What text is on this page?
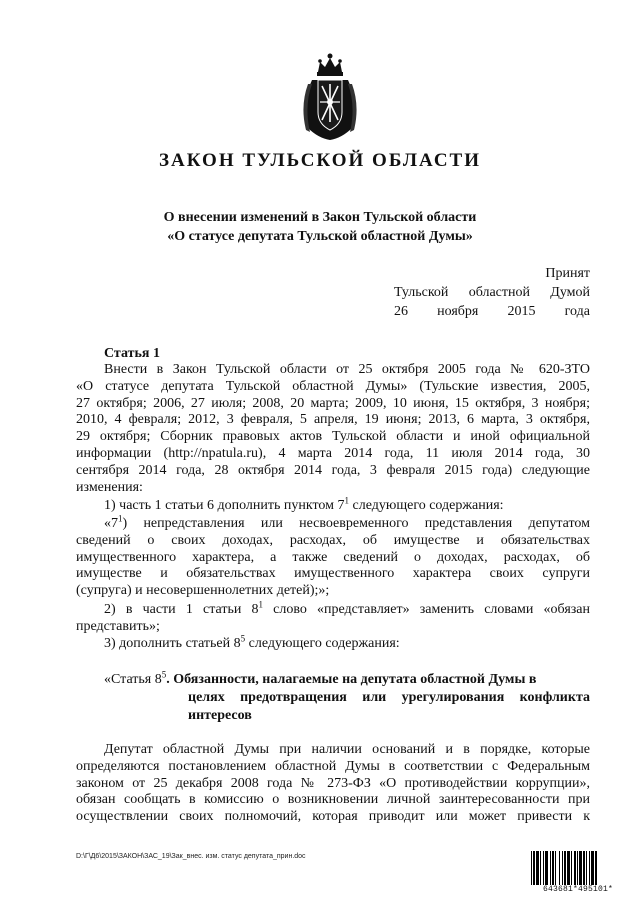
ЗАКОН ТУЛЬСКОЙ ОБЛАСТИ
О внесении изменений в Закон Тульской области
«О статусе депутата Тульской областной Думы»
Принят
Тульской областной Думой
26 ноября 2015 года
Статья 1
Внести в Закон Тульской области от 25 октября 2005 года № 620-ЗТО
«О статусе депутата Тульской областной Думы» (Тульские известия, 2005,
27 октября; 2006, 27 июля; 2008, 20 марта; 2009, 10 июня, 15 октября, 3 ноября;
2010, 4 февраля; 2012, 3 февраля, 5 апреля, 19 июня; 2013, 6 марта, 3 октября,
29 октября; Сборник правовых актов Тульской области и иной официальной
информации (http://npatula.ru), 4 марта 2014 года, 11 июля 2014 года, 30
сентября 2014 года, 28 октября 2014 года, 3 февраля 2015 года) следующие
изменения:
1) часть 1 статьи 6 дополнить пунктом $7^1$ следующего содержания:
«$7^1$) непредставления или несвоевременного представления депутатом
сведений о своих доходах, расходах, об имуществе и обязательствах
имущественного характера, а также сведений о доходах, расходах, об
имуществе и обязательствах имущественного характера своих супруги
(супруга) и несовершеннолетних детей);»;
2) в части 1 статьи $8^1$ слово «представляет» заменить словами «обязан
представить»;
3) дополнить статьей $8^5$ следующего содержания:
«Статья $8^5$. Обязанности, налагаемые на депутата областной Думы в
целях предотвращения или урегулирования конфликта
интересов
Депутат областной Думы при наличии оснований и в порядке, которые
определяются постановлением областной Думы в соответствии с Федеральным
законом от 25 декабря 2008 года № 273-ФЗ «О противодействии коррупции»,
обязан сообщать в комиссию о возникновении личной заинтересованности при
осуществлении своих полномочий, которая приводит или может привести к
D:\Г\Д6\2015\ЗАКОН\ЗАС_19\Зак_внес. изм. статус депутата_прин.doc
643681*495101*
